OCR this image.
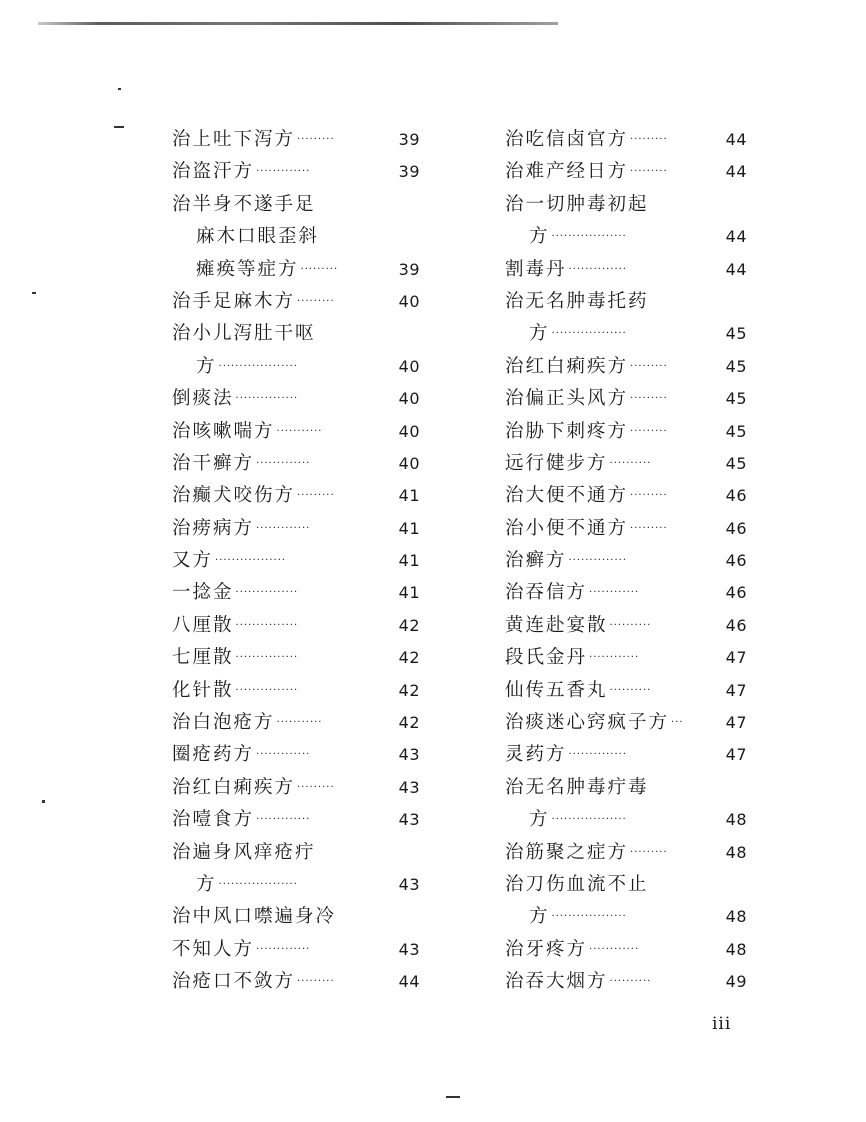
治上吐下泻方 ·········	39
治盗汗方 ·············	39
治半身不遂手足
麻木口眼歪斜
瘫痪等症方 ·········	39
治手足麻木方 ·········	40
治小儿泻肚干呕
方 ···················	40
倒痰法 ···············	40
治咳嗽喘方 ···········	40
治干癣方 ·············	40
治癫犬咬伤方 ·········	41
治痨病方 ·············	41
又方 ·················	41
一捻金 ···············	41
八厘散 ···············	42
七厘散 ···············	42
化针散 ···············	42
治白泡疮方 ···········	42
圈疮药方 ·············	43
治红白痢疾方 ·········	43
治噎食方 ·············	43
治遍身风痒疮疔
方 ···················	43
治中风口噤遍身冷
不知人方 ·············	43
治疮口不敛方 ·········	44
治吃信卤官方 ·········	44
治难产经日方 ·········	44
治一切肿毒初起
方 ··················	44
割毒丹 ··············	44
治无名肿毒托药
方 ··················	45
治红白痢疾方 ·········	45
治偏正头风方 ·········	45
治胁下刺疼方 ·········	45
远行健步方 ··········	45
治大便不通方 ·········	46
治小便不通方 ·········	46
治癣方 ··············	46
治吞信方 ············	46
黄连赴宴散 ··········	46
段氏金丹 ············	47
仙传五香丸 ··········	47
治痰迷心窍疯子方 ···	47
灵药方 ··············	47
治无名肿毒疔毒
方 ··················	48
治筋聚之症方 ·········	48
治刀伤血流不止
方 ··················	48
治牙疼方 ············	48
治吞大烟方 ··········	49
iii
